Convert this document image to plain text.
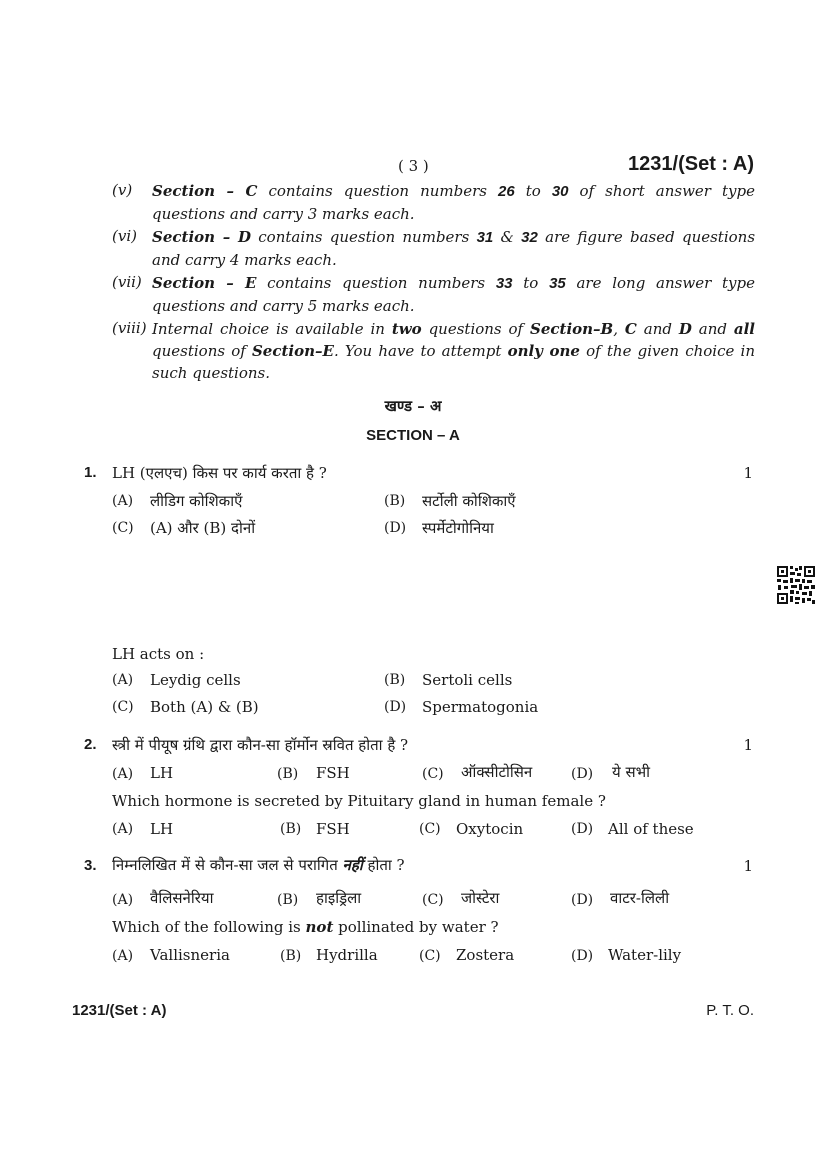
( 3 )	1231/(Set : A)
(v) Section – C contains question numbers 26 to 30 of short answer type questions and carry 3 marks each.
(vi) Section – D contains question numbers 31 & 32 are figure based questions and carry 4 marks each.
(vii) Section – E contains question numbers 33 to 35 are long answer type questions and carry 5 marks each.
(viii) Internal choice is available in two questions of Section–B, C and D and all questions of Section–E. You have to attempt only one of the given choice in such questions.
खण्ड – अ
SECTION – A
1. LH (एलएच) किस पर कार्य करता है ?	1
(A) लीडिग कोशिकाएँ	(B) सर्टोली कोशिकाएँ
(C) (A) और (B) दोनों	(D) स्पर्मेटोगोनिया
LH acts on :
(A) Leydig cells	(B) Sertoli cells
(C) Both (A) & (B)	(D) Spermatogonia
2. स्त्री में पीयूष ग्रंथि द्वारा कौन-सा हॉर्मोन स्रवित होता है ?	1
(A) LH	(B) FSH	(C) ऑक्सीटोसिन	(D) ये सभी
Which hormone is secreted by Pituitary gland in human female ?
(A) LH	(B) FSH	(C) Oxytocin	(D) All of these
3. निम्नलिखित में से कौन-सा जल से परागित नहीं होता ?	1
(A) वैलिसनेरिया	(B) हाइड्रिला	(C) जोस्टेरा	(D) वाटर-लिली
Which of the following is not pollinated by water ?
(A) Vallisneria	(B) Hydrilla	(C) Zostera	(D) Water-lily
1231/(Set : A)	P. T. O.
